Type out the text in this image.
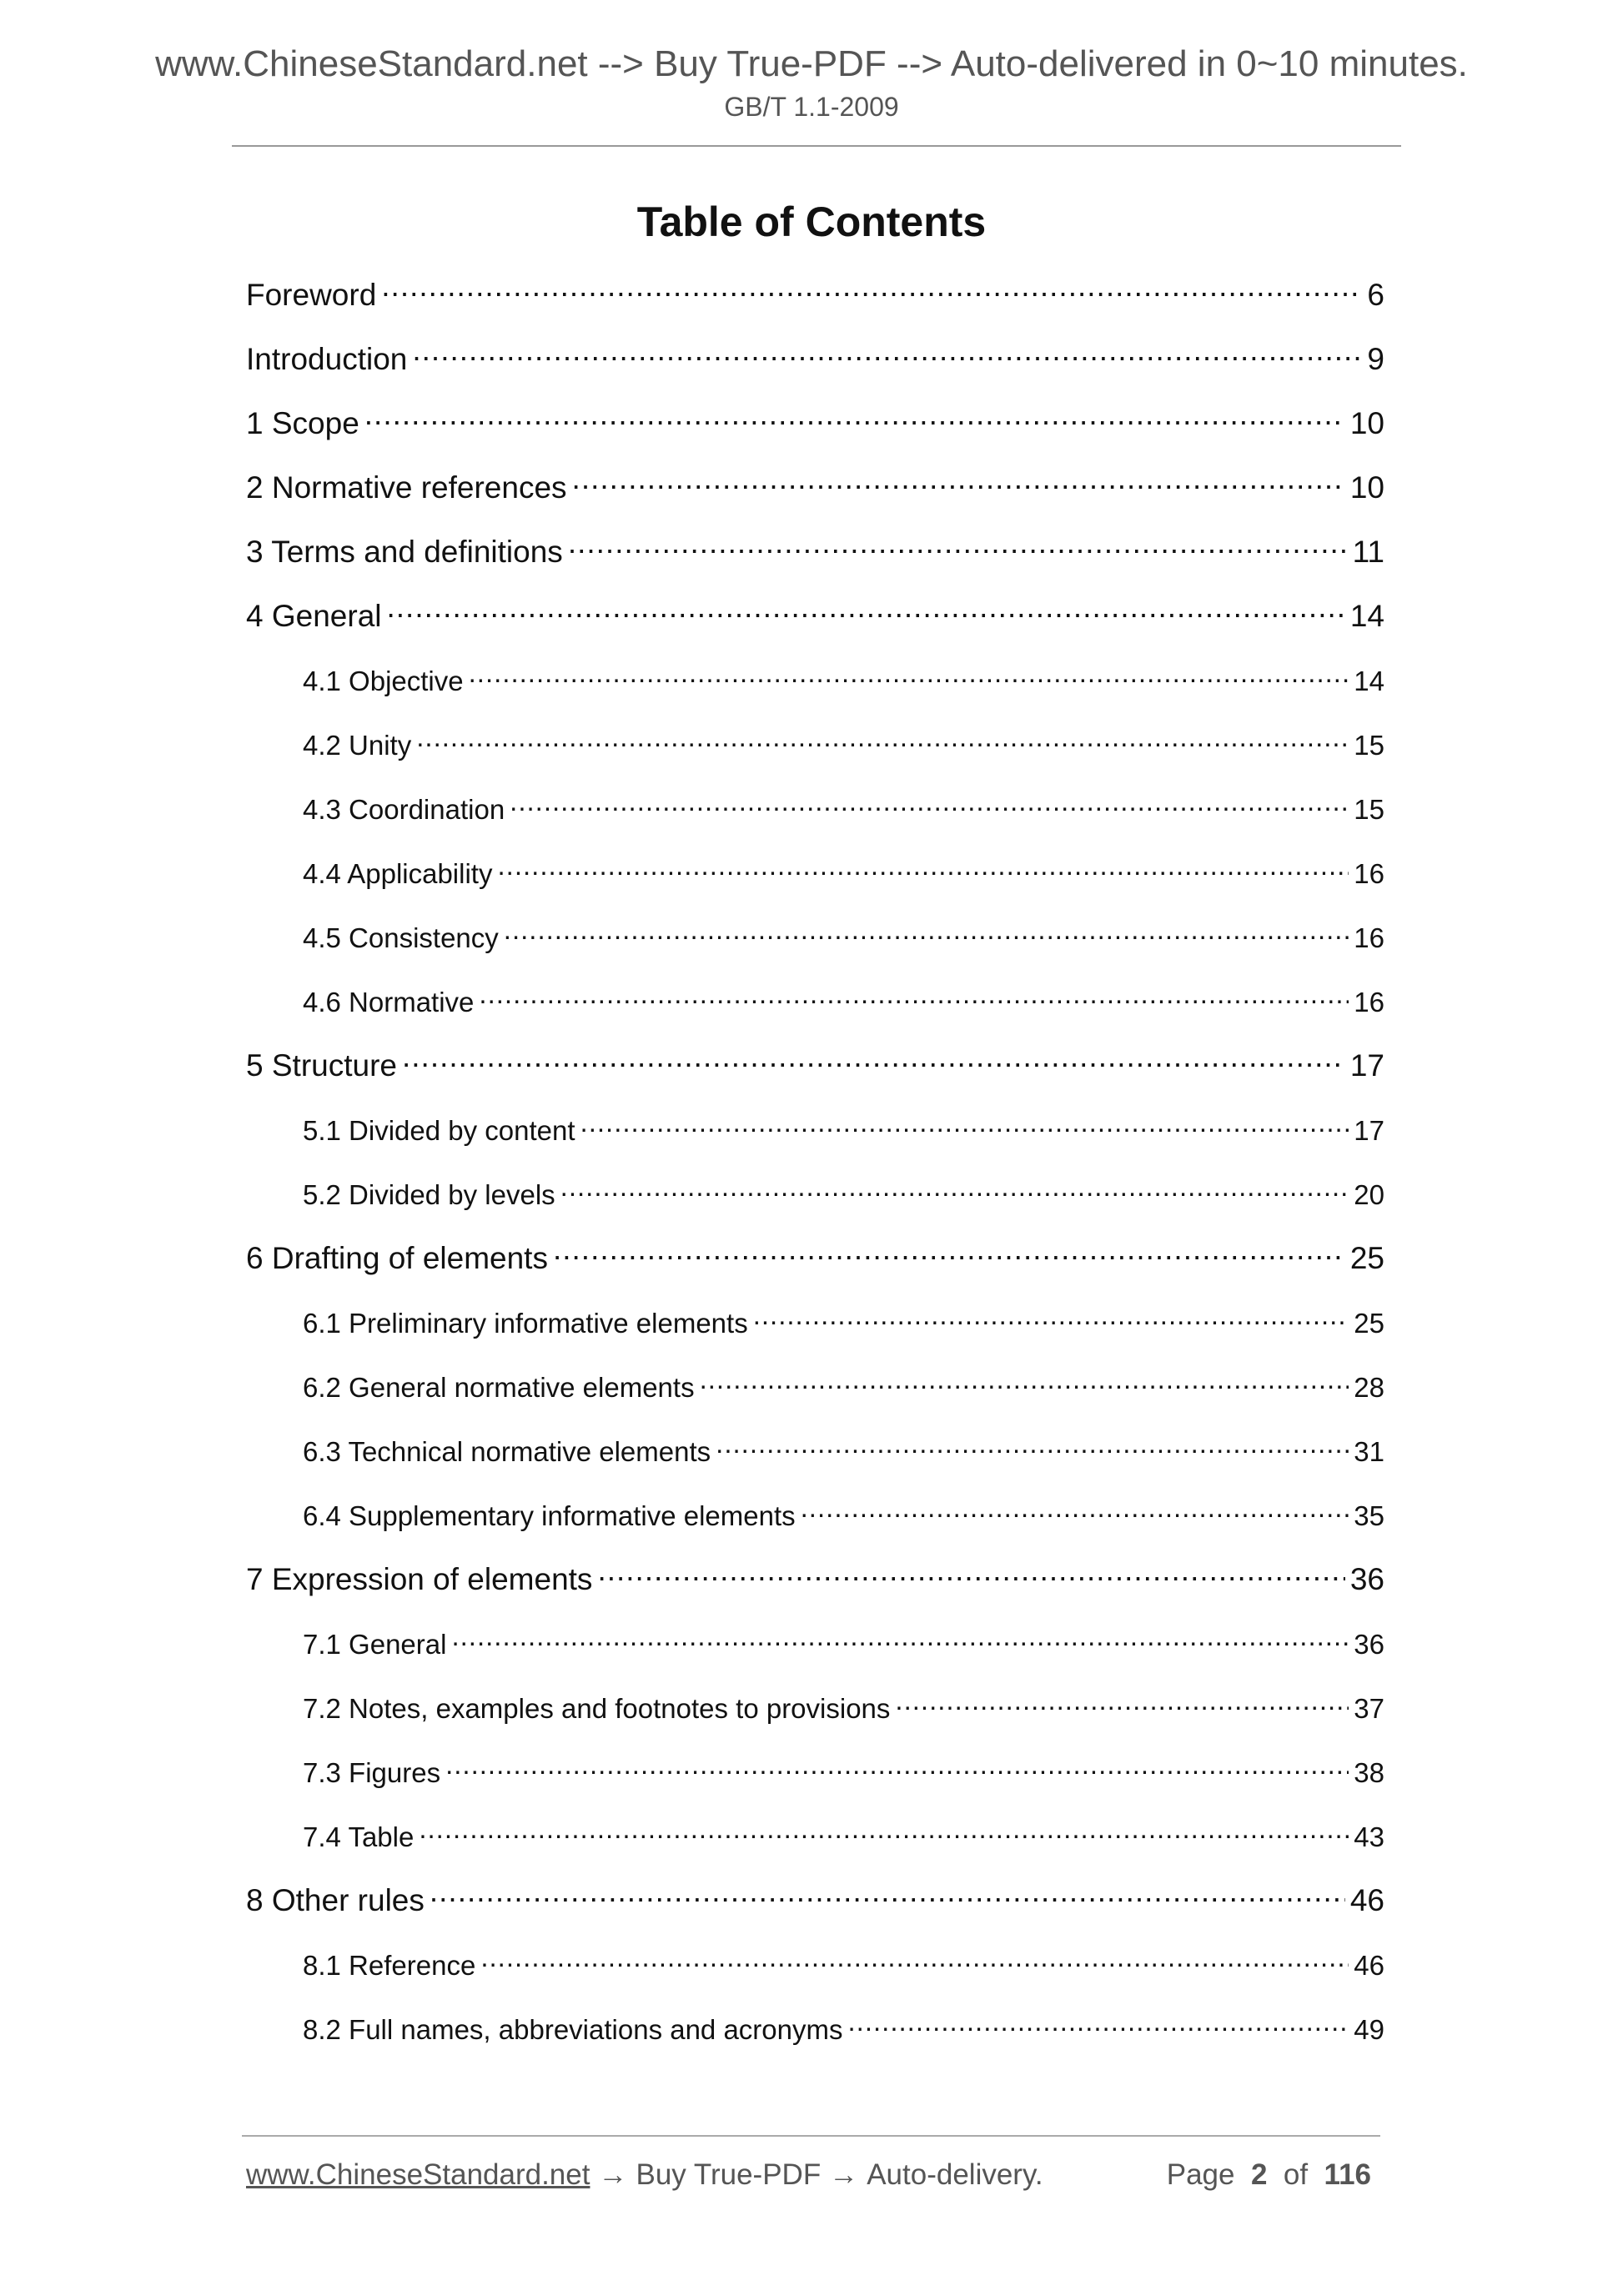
www.ChineseStandard.net --> Buy True-PDF --> Auto-delivered in 0~10 minutes.
GB/T 1.1-2009
Table of Contents
Foreword .....	6
Introduction .....	9
1 Scope .....	10
2 Normative references .....	10
3 Terms and definitions .....	11
4 General .....	14
4.1 Objective .....	14
4.2 Unity .....	15
4.3 Coordination .....	15
4.4 Applicability .....	16
4.5 Consistency .....	16
4.6 Normative .....	16
5 Structure .....	17
5.1 Divided by content .....	17
5.2 Divided by levels .....	20
6 Drafting of elements .....	25
6.1 Preliminary informative elements .....	25
6.2 General normative elements .....	28
6.3 Technical normative elements .....	31
6.4 Supplementary informative elements .....	35
7 Expression of elements .....	36
7.1 General .....	36
7.2 Notes, examples and footnotes to provisions .....	37
7.3 Figures .....	38
7.4 Table .....	43
8 Other rules .....	46
8.1 Reference .....	46
8.2 Full names, abbreviations and acronyms .....	49
www.ChineseStandard.net → Buy True-PDF → Auto-delivery.	Page 2 of 116
